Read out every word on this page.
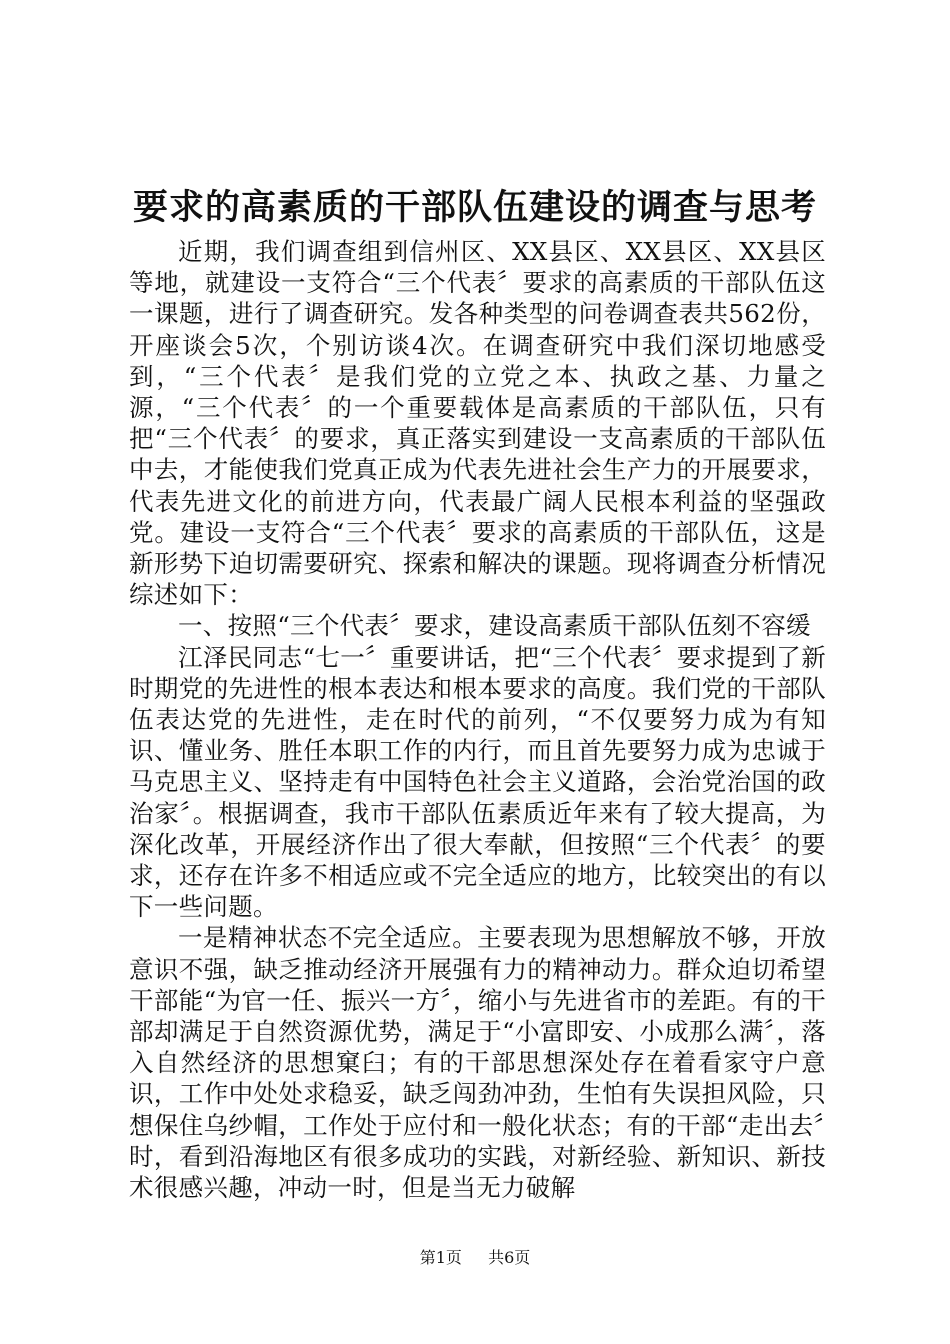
要求的高素质的干部队伍建设的调查与思考

近期，我们调查组到信州区、XX县区、XX县区、XX县区等地，就建设一支符合“三个代表〞要求的高素质的干部队伍这一课题，进行了调查研究。发各种类型的问卷调查表共562份，开座谈会5次，个别访谈4次。在调查研究中我们深切地感受到，“三个代表〞是我们党的立党之本、执政之基、力量之源，“三个代表〞的一个重要载体是高素质的干部队伍，只有把“三个代表〞的要求，真正落实到建设一支高素质的干部队伍中去，才能使我们党真正成为代表先进社会生产力的开展要求，代表先进文化的前进方向，代表最广阔人民根本利益的坚强政党。建设一支符合“三个代表〞要求的高素质的干部队伍，这是新形势下迫切需要研究、探索和解决的课题。现将调查分析情况综述如下：

一、按照“三个代表〞要求，建设高素质干部队伍刻不容缓

江泽民同志“七一〞重要讲话，把“三个代表〞要求提到了新时期党的先进性的根本表达和根本要求的高度。我们党的干部队伍表达党的先进性，走在时代的前列，“不仅要努力成为有知识、懂业务、胜任本职工作的内行，而且首先要努力成为忠诚于马克思主义、坚持走有中国特色社会主义道路，会治党治国的政治家〞。根据调查，我市干部队伍素质近年来有了较大提高，为深化改革，开展经济作出了很大奉献，但按照“三个代表〞的要求，还存在许多不相适应或不完全适应的地方，比较突出的有以下一些问题。

一是精神状态不完全适应。主要表现为思想解放不够，开放意识不强，缺乏推动经济开展强有力的精神动力。群众迫切希望干部能“为官一任、振兴一方〞，缩小与先进省市的差距。有的干部却满足于自然资源优势，满足于“小富即安、小成那么满〞，落入自然经济的思想窠臼；有的干部思想深处存在着看家守户意识，工作中处处求稳妥，缺乏闯劲冲劲，生怕有失误担风险，只想保住乌纱帽，工作处于应付和一般化状态；有的干部“走出去〞时，看到沿海地区有很多成功的实践，对新经验、新知识、新技术很感兴趣，冲动一时，但是当无力破解

第1页 　 共6页
